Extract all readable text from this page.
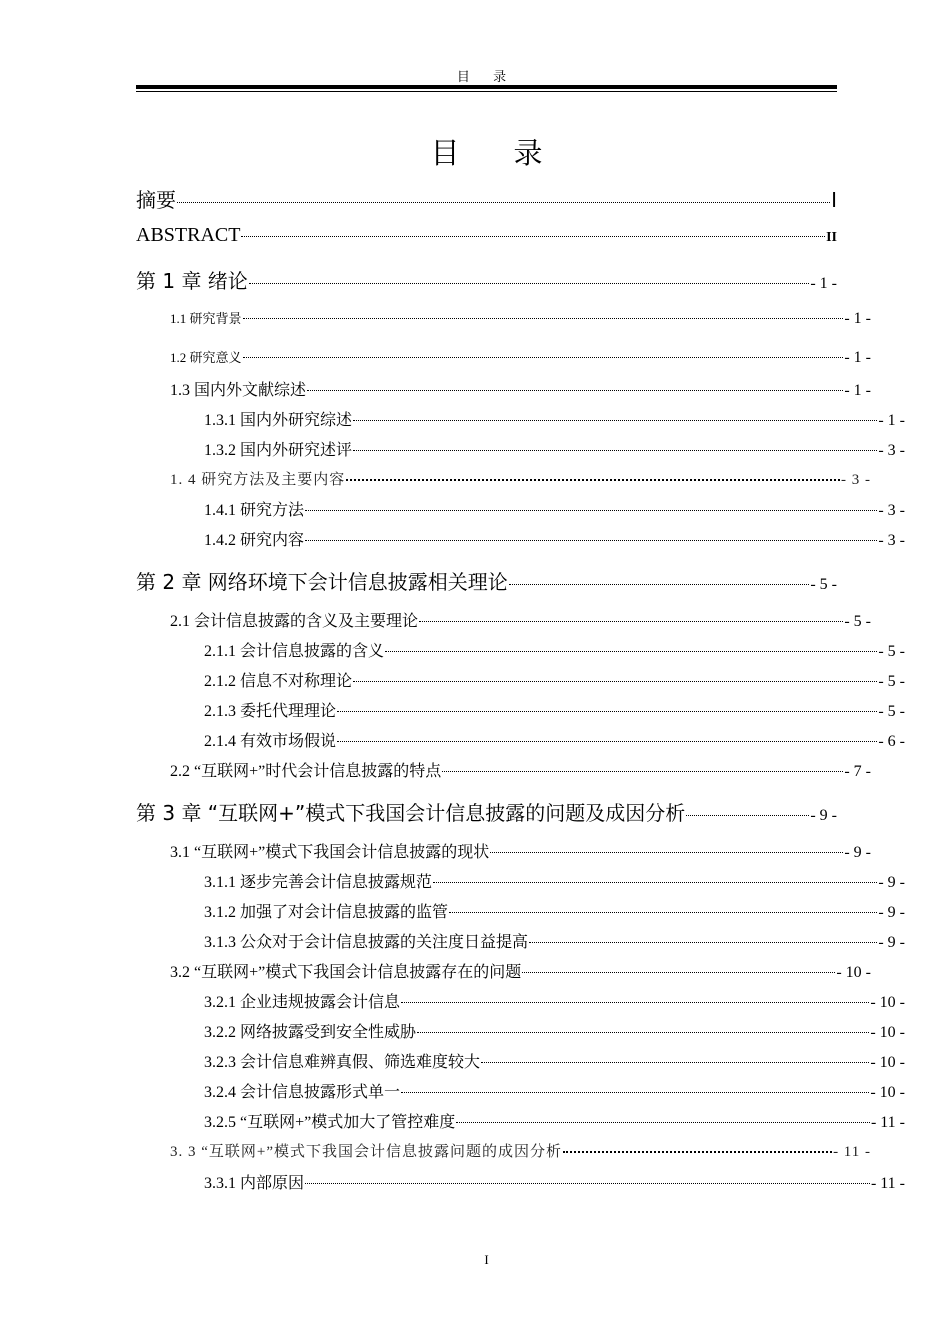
目 录
目录
摘要	I
ABSTRACT	II
第 1 章 绪论	- 1 -
1.1 研究背景	- 1 -
1.2 研究意义	- 1 -
1.3 国内外文献综述	- 1 -
1.3.1 国内外研究综述	- 1 -
1.3.2 国内外研究述评	- 3 -
1. 4 研究方法及主要内容	- 3 -
1.4.1 研究方法	- 3 -
1.4.2 研究内容	- 3 -
第 2 章 网络环境下会计信息披露相关理论	- 5 -
2.1 会计信息披露的含义及主要理论	- 5 -
2.1.1 会计信息披露的含义	- 5 -
2.1.2 信息不对称理论	- 5 -
2.1.3 委托代理理论	- 5 -
2.1.4 有效市场假说	- 6 -
2.2 “互联网+”时代会计信息披露的特点	- 7 -
第 3 章 “互联网+”模式下我国会计信息披露的问题及成因分析	- 9 -
3.1 “互联网+”模式下我国会计信息披露的现状	- 9 -
3.1.1 逐步完善会计信息披露规范	- 9 -
3.1.2 加强了对会计信息披露的监管	- 9 -
3.1.3 公众对于会计信息披露的关注度日益提高	- 9 -
3.2 “互联网+”模式下我国会计信息披露存在的问题	- 10 -
3.2.1 企业违规披露会计信息	- 10 -
3.2.2 网络披露受到安全性威胁	- 10 -
3.2.3 会计信息难辨真假、筛选难度较大	- 10 -
3.2.4 会计信息披露形式单一	- 10 -
3.2.5 “互联网+”模式加大了管控难度	- 11 -
3. 3 “互联网+”模式下我国会计信息披露问题的成因分析	- 11 -
3.3.1 内部原因	- 11 -
I
